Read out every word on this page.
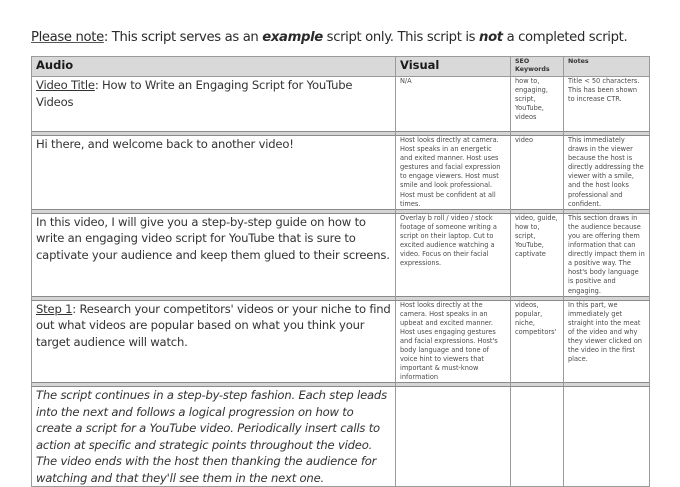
Please note: This script serves as an example script only. This script is not a completed script.
Audio	Visual	SEO Keywords	Notes
Video Title: How to Write an Engaging Script for YouTube Videos	N/A	how to, engaging, script, YouTube, videos	Title < 50 characters. This has been shown to increase CTR.

Hi there, and welcome back to another video!	Host looks directly at camera. Host speaks in an energetic and exited manner. Host uses gestures and facial expression to engage viewers. Host must smile and look professional. Host must be confident at all times.	video	This immediately draws in the viewer because the host is directly addressing the viewer with a smile, and the host looks professional and confident.

In this video, I will give you a step-by-step guide on how to write an engaging video script for YouTube that is sure to captivate your audience and keep them glued to their screens.	Overlay b roll / video / stock footage of someone writing a script on their laptop. Cut to excited audience watching a video. Focus on their facial expressions.	video, guide, how to, script, YouTube, captivate	This section draws in the audience because you are offering them information that can directly impact them in a positive way. The host's body language is positive and engaging.

Step 1: Research your competitors' videos or your niche to find out what videos are popular based on what you think your target audience will watch.	Host looks directly at the camera. Host speaks in an upbeat and excited manner. Host uses engaging gestures and facial expressions. Host's body language and tone of voice hint to viewers that important & must-know information	videos, popular, niche, competitors'	In this part, we immediately get straight into the meat of the video and why they viewer clicked on the video in the first place.

The script continues in a step-by-step fashion. Each step leads into the next and follows a logical progression on how to create a script for a YouTube video. Periodically insert calls to action at specific and strategic points throughout the video. The video ends with the host then thanking the audience for watching and that they'll see them in the next one.			
